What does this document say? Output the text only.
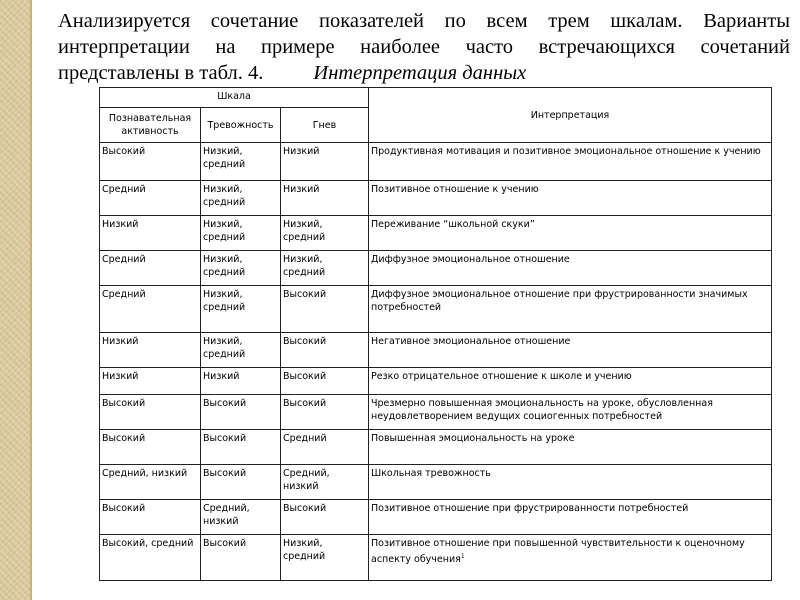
Анализируется сочетание показателей по всем трем шкалам. Варианты интерпретации на примере наиболее часто встречающихся сочетаний представлены в табл. 4. Интерпретация данных
Шкала			Интерпретация
Познавательная активность	Тревожность	Гнев	
Высокий	Низкий, средний	Низкий	Продуктивная мотивация и позитивное эмоциональное отношение к учению
Средний	Низкий, средний	Низкий	Позитивное отношение к учению
Низкий	Низкий, средний	Низкий, средний	Переживание “школьной скуки”
Средний	Низкий, средний	Низкий, средний	Диффузное эмоциональное отношение
Средний	Низкий, средний	Высокий	Диффузное эмоциональное отношение при фрустрированности значимых потребностей
Низкий	Низкий, средний	Высокий	Негативное эмоциональное отношение
Низкий	Низкий	Высокий	Резко отрицательное отношение к школе и учению
Высокий	Высокий	Высокий	Чрезмерно повышенная эмоциональность на уроке, обусловленная неудовлетворением ведущих социогенных потребностей
Высокий	Высокий	Средний	Повышенная эмоциональность на уроке
Средний, низкий	Высокий	Средний, низкий	Школьная тревожность
Высокий	Средний, низкий	Высокий	Позитивное отношение при фрустрированности потребностей
Высокий, средний	Высокий	Низкий, средний	Позитивное отношение при повышенной чувствительности к оценочному аспекту обучения$^1$
